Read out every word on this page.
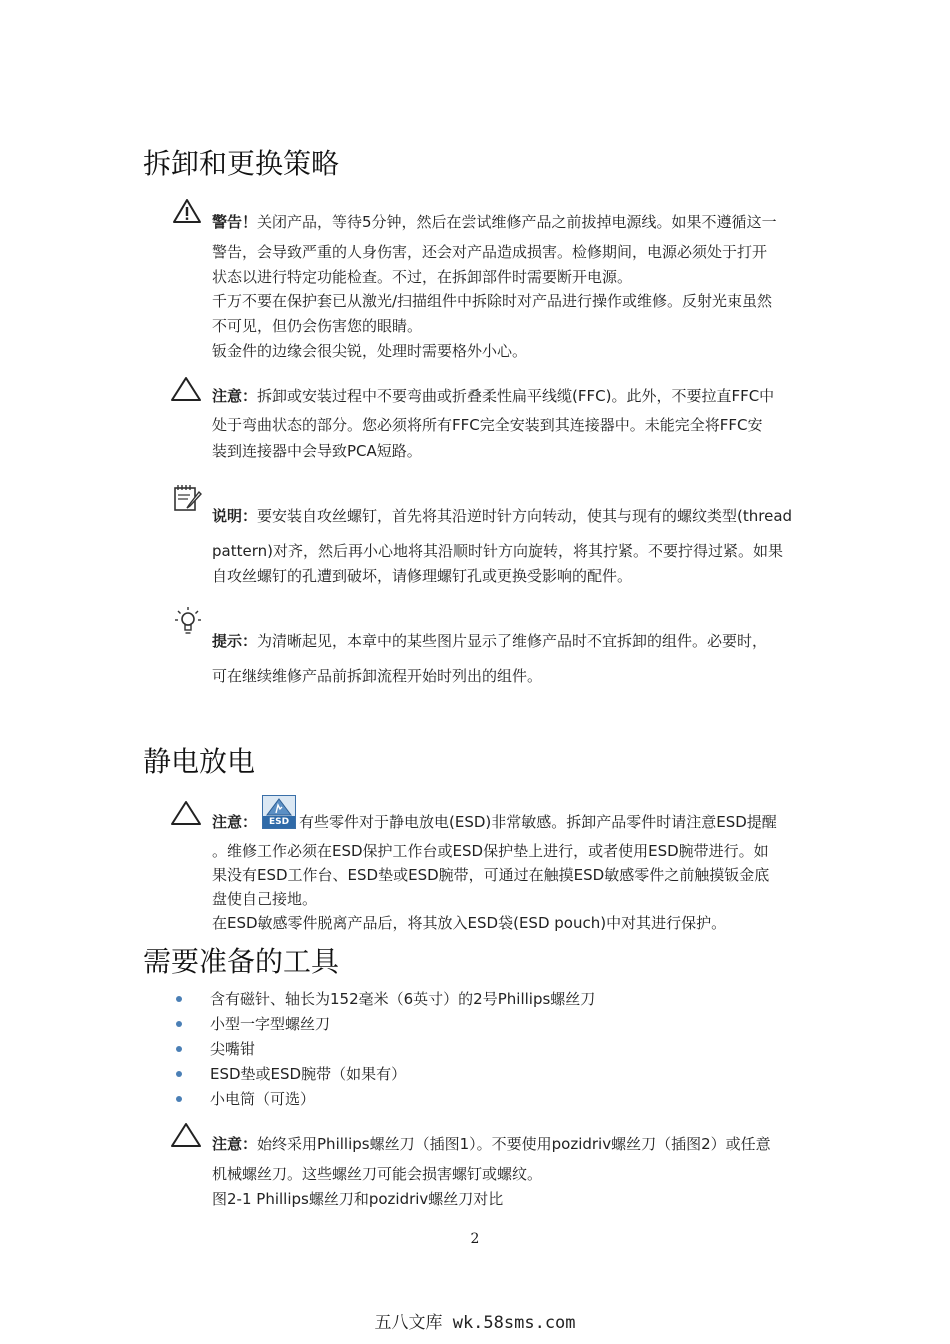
拆卸和更换策略
警告！关闭产品，等待5分钟，然后在尝试维修产品之前拔掉电源线。如果不遵循这一
警告，会导致严重的人身伤害，还会对产品造成损害。检修期间，电源必须处于打开
状态以进行特定功能检查。不过，在拆卸部件时需要断开电源。
千万不要在保护套已从激光/扫描组件中拆除时对产品进行操作或维修。反射光束虽然
不可见，但仍会伤害您的眼睛。
钣金件的边缘会很尖锐，处理时需要格外小心。
注意：拆卸或安装过程中不要弯曲或折叠柔性扁平线缆(FFC)。此外，不要拉直FFC中
处于弯曲状态的部分。您必须将所有FFC完全安装到其连接器中。未能完全将FFC安
装到连接器中会导致PCA短路。
说明：要安装自攻丝螺钉，首先将其沿逆时针方向转动，使其与现有的螺纹类型(thread
pattern)对齐，然后再小心地将其沿顺时针方向旋转，将其拧紧。不要拧得过紧。如果
自攻丝螺钉的孔遭到破坏，请修理螺钉孔或更换受影响的配件。
提示：为清晰起见，本章中的某些图片显示了维修产品时不宜拆卸的组件。必要时，
可在继续维修产品前拆卸流程开始时列出的组件。
静电放电
注意：	ESD 有些零件对于静电放电(ESD)非常敏感。拆卸产品零件时请注意ESD提醒
。维修工作必须在ESD保护工作台或ESD保护垫上进行，或者使用ESD腕带进行。如
果没有ESD工作台、ESD垫或ESD腕带，可通过在触摸ESD敏感零件之前触摸钣金底
盘使自己接地。
在ESD敏感零件脱离产品后，将其放入ESD袋(ESD pouch)中对其进行保护。
需要准备的工具
含有磁针、轴长为152毫米（6英寸）的2号Phillips螺丝刀
小型一字型螺丝刀
尖嘴钳
ESD垫或ESD腕带（如果有）
小电筒（可选）
注意：始终采用Phillips螺丝刀（插图1）。不要使用pozidriv螺丝刀（插图2）或任意
机械螺丝刀。这些螺丝刀可能会损害螺钉或螺纹。
图2-1 Phillips螺丝刀和pozidriv螺丝刀对比
2
五八文库 wk.58sms.com
